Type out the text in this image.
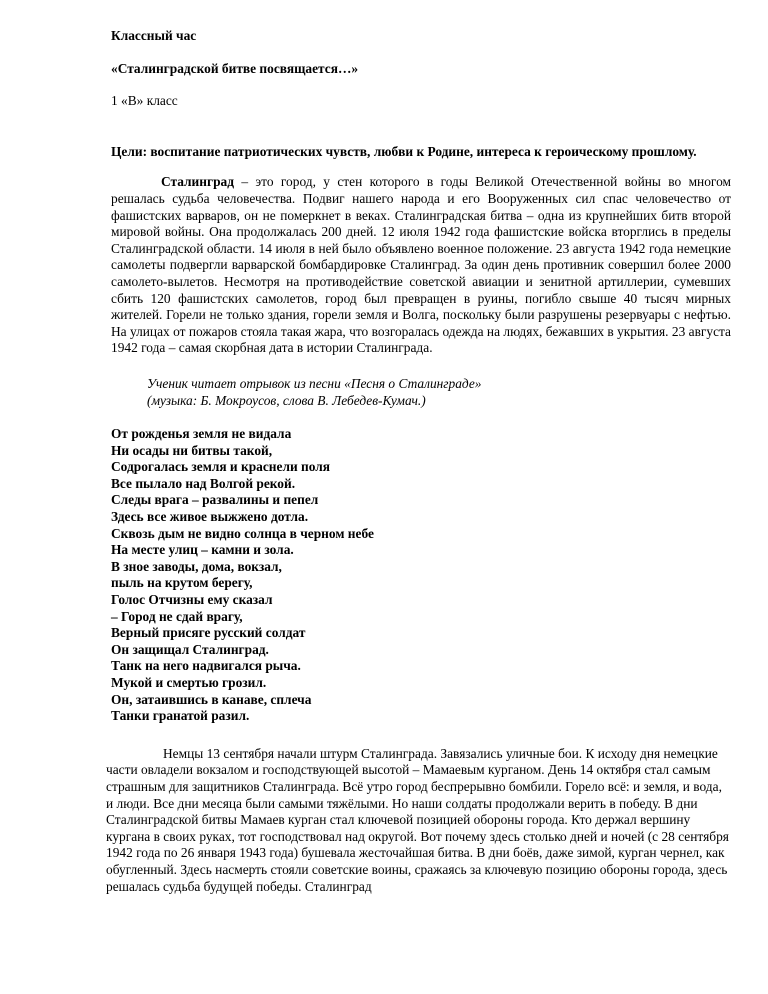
Классный час
«Сталинградской битве посвящается…»
1 «В» класс
Цели: воспитание патриотических чувств, любви к Родине, интереса к героическому прошлому.

Сталинград – это город, у стен которого в годы Великой Отечественной войны во многом решалась судьба человечества. Подвиг нашего народа и его Вооруженных сил спас человечество от фашистских варваров, он не померкнет в веках. Сталинградская битва – одна из крупнейших битв второй мировой войны. Она продолжалась 200 дней. 12 июля 1942 года фашистские войска вторглись в пределы Сталинградской области. 14 июля в ней было объявлено военное положение. 23 августа 1942 года немецкие самолеты подвергли варварской бомбардировке Сталинград. За один день противник совершил более 2000 самолето-вылетов. Несмотря на противодействие советской авиации и зенитной артиллерии, сумевших сбить 120 фашистских самолетов, город был превращен в руины, погибло свыше 40 тысяч мирных жителей. Горели не только здания, горели земля и Волга, поскольку были разрушены резервуары с нефтью. На улицах от пожаров стояла такая жара, что возгоралась одежда на людях, бежавших в укрытия. 23 августа 1942 года – самая скорбная дата в истории Сталинграда.

Ученик читает отрывок из песни «Песня о Сталинграде»
(музыка: Б. Мокроусов, слова В. Лебедев-Кумач.)
От рожденья земля не видала
Ни осады ни битвы такой,
Содрогалась земля и краснели поля
Все пылало над Волгой рекой.
Следы врага – развалины и пепел
Здесь все живое выжжено дотла.
Сквозь дым не видно солнца в черном небе
На месте улиц – камни и зола.
В зное заводы, дома, вокзал,
пыль на крутом берегу,
Голос Отчизны ему сказал
– Город не сдай врагу,
Верный присяге русский солдат
Он защищал Сталинград.
Танк на него надвигался рыча.
Мукой и смертью грозил.
Он, затаившись в канаве, сплеча
Танки гранатой разил.

Немцы 13 сентября начали штурм Сталинграда. Завязались уличные бои. К исходу дня немецкие части овладели вокзалом и господствующей высотой – Мамаевым курганом. День 14 октября стал самым страшным для защитников Сталинграда. Всё утро город беспрерывно бомбили. Горело всё: и земля, и вода, и люди. Все дни месяца были самыми тяжёлыми. Но наши солдаты продолжали верить в победу. В дни Сталинградской битвы Мамаев курган стал ключевой позицией обороны города. Кто держал вершину кургана в своих руках, тот господствовал над округой. Вот почему здесь столько дней и ночей (с 28 сентября 1942 года по 26 января 1943 года) бушевала жесточайшая битва. В дни боёв, даже зимой, курган чернел, как обугленный. Здесь насмерть стояли советские воины, сражаясь за ключевую позицию обороны города, здесь решалась судьба будущей победы. Сталинград
